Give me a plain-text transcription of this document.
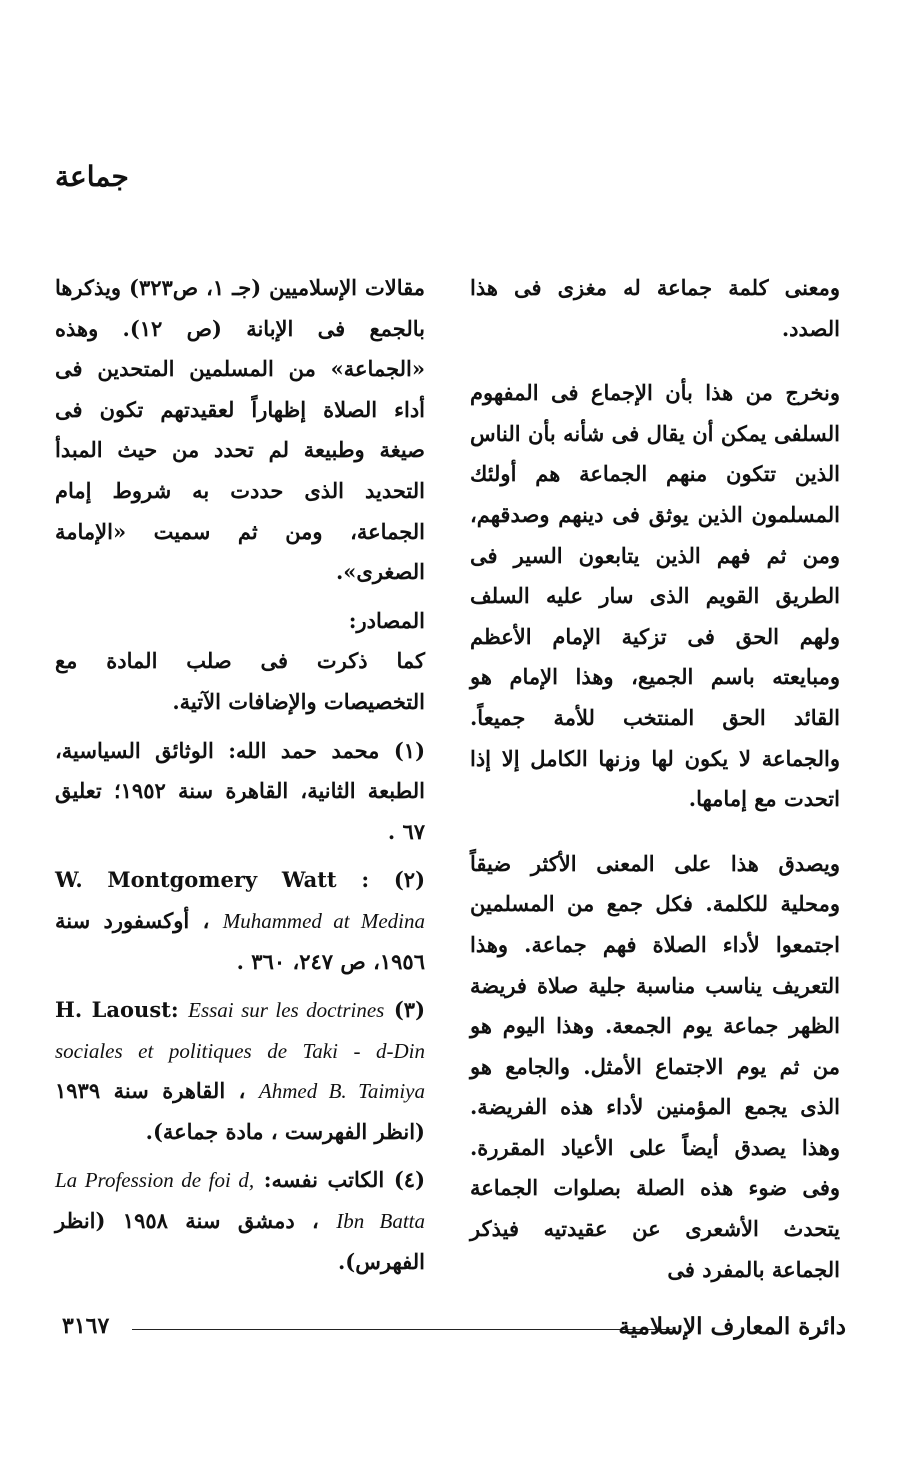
جماعة

ومعنى كلمة جماعة له مغزى فى هذا الصدد.

ونخرج من هذا بأن الإجماع فى المفهوم السلفى يمكن أن يقال فى شأنه بأن الناس الذين تتكون منهم الجماعة هم أولئك المسلمون الذين يوثق فى دينهم وصدقهم، ومن ثم فهم الذين يتابعون السير فى الطريق القويم الذى سار عليه السلف ولهم الحق فى تزكية الإمام الأعظم ومبايعته باسم الجميع، وهذا الإمام هو القائد الحق المنتخب للأمة جميعاً. والجماعة لا يكون لها وزنها الكامل إلا إذا اتحدت مع إمامها.

ويصدق هذا على المعنى الأكثر ضيقاً ومحلية للكلمة. فكل جمع من المسلمين اجتمعوا لأداء الصلاة فهم جماعة. وهذا التعريف يناسب مناسبة جلية صلاة فريضة الظهر جماعة يوم الجمعة. وهذا اليوم هو من ثم يوم الاجتماع الأمثل. والجامع هو الذى يجمع المؤمنين لأداء هذه الفريضة. وهذا يصدق أيضاً على الأعياد المقررة. وفى ضوء هذه الصلة بصلوات الجماعة يتحدث الأشعرى عن عقيدتيه فيذكر الجماعة بالمفرد فى

مقالات الإسلاميين (جـ ١، ص٣٢٣) ويذكرها بالجمع فى الإبانة (ص ١٢). وهذه «الجماعة» من المسلمين المتحدين فى أداء الصلاة إظهاراً لعقيدتهم تكون فى صيغة وطبيعة لم تحدد من حيث المبدأ التحديد الذى حددت به شروط إمام الجماعة، ومن ثم سميت «الإمامة الصغرى».

المصادر:

كما ذكرت فى صلب المادة مع التخصيصات والإضافات الآتية.

(١) محمد حمد الله: الوثائق السياسية، الطبعة الثانية، القاهرة سنة ١٩٥٢؛ تعليق ٦٧ .

(٢) W. Montgomery Watt : Muhammed at Medina ، أوكسفورد سنة ١٩٥٦، ص ٢٤٧، ٣٦٠ .

(٣) H. Laoust: Essai sur les doctrines sociales et politiques de Taki - d-Din Ahmed B. Taimiya ، القاهرة سنة ١٩٣٩ (انظر الفهرست ، مادة جماعة).

(٤) الكاتب نفسه: La Profession de foi d, Ibn Batta ، دمشق سنة ١٩٥٨ (انظر الفهرس).

٣١٦٧	دائرة المعارف الإسلامية
